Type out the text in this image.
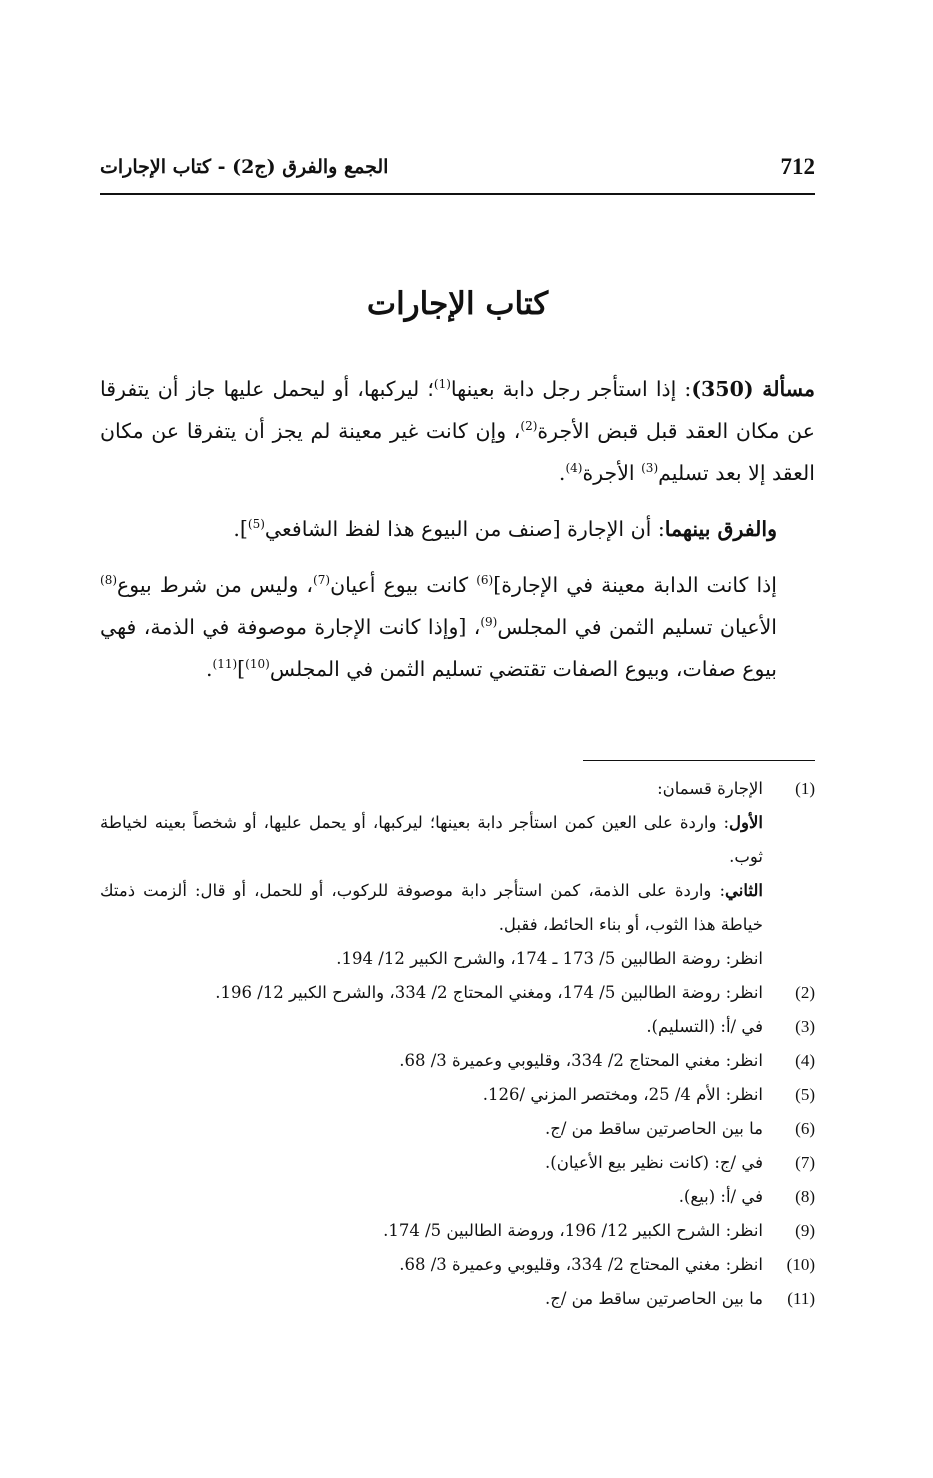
712
الجمع والفرق (ج2) - كتاب الإجارات
كتاب الإجارات

مسألة (350): إذا استأجر رجل دابة بعينها$^{(1)}$؛ ليركبها، أو ليحمل عليها جاز أن يتفرقا عن مكان العقد قبل قبض الأجرة$^{(2)}$، وإن كانت غير معينة لم يجز أن يتفرقا عن مكان العقد إلا بعد تسليم$^{(3)}$ الأجرة$^{(4)}$.

والفرق بينهما: أن الإجارة [صنف من البيوع هذا لفظ الشافعي$^{(5)}$].

إذا كانت الدابة معينة في الإجارة]$^{(6)}$ كانت بيوع أعيان$^{(7)}$، وليس من شرط بيوع$^{(8)}$ الأعيان تسليم الثمن في المجلس$^{(9)}$، [وإذا كانت الإجارة موصوفة في الذمة، فهي بيوع صفات، وبيوع الصفات تقتضي تسليم الثمن في المجلس$^{(10)}$]$^{(11)}$.

(1)
الإجارة قسمان:
الأول: واردة على العين كمن استأجر دابة بعينها؛ ليركبها، أو يحمل عليها، أو شخصاً بعينه لخياطة ثوب.
الثاني: واردة على الذمة، كمن استأجر دابة موصوفة للركوب، أو للحمل، أو قال: ألزمت ذمتك خياطة هذا الثوب، أو بناء الحائط، فقبل.
انظر: روضة الطالبين 5/ 173 ـ 174، والشرح الكبير 12/ 194.
(2)
انظر: روضة الطالبين 5/ 174، ومغني المحتاج 2/ 334، والشرح الكبير 12/ 196.
(3)
في /أ: (التسليم).
(4)
انظر: مغني المحتاج 2/ 334، وقليوبي وعميرة 3/ 68.
(5)
انظر: الأم 4/ 25، ومختصر المزني /126.
(6)
ما بين الحاصرتين ساقط من /ج.
(7)
في /ج: (كانت نظير بيع الأعيان).
(8)
في /أ: (بيع).
(9)
انظر: الشرح الكبير 12/ 196، وروضة الطالبين 5/ 174.
(10)
انظر: مغني المحتاج 2/ 334، وقليوبي وعميرة 3/ 68.
(11)
ما بين الحاصرتين ساقط من /ج.
